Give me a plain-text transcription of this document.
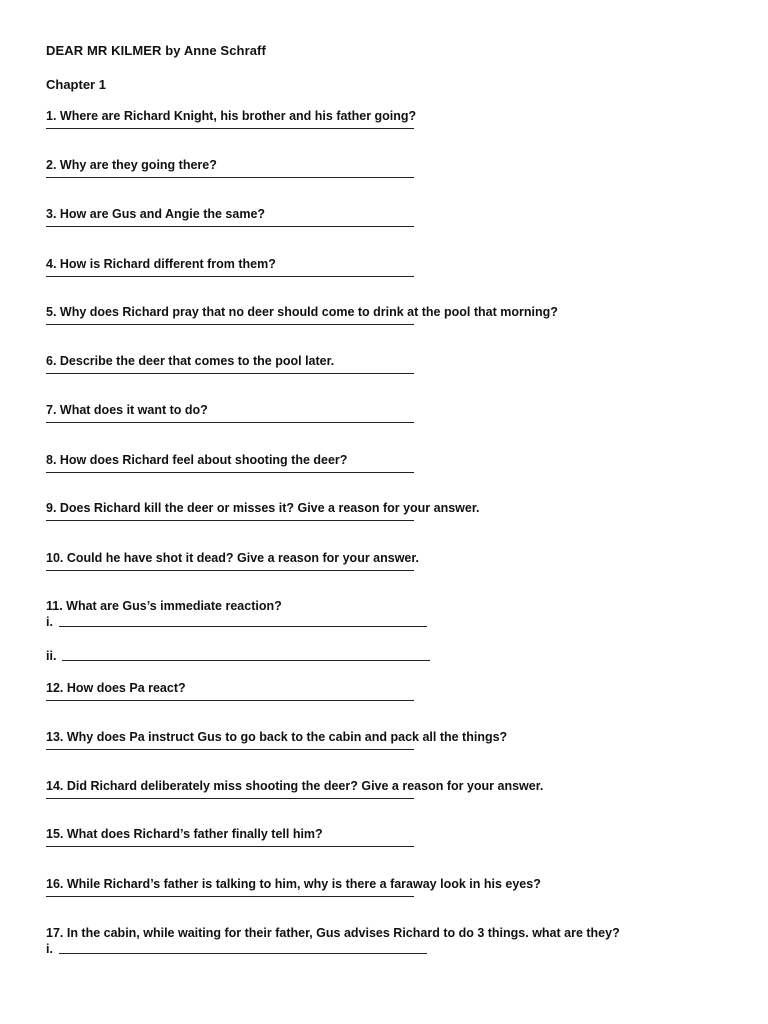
DEAR MR KILMER by Anne Schraff
Chapter 1
1. Where are Richard Knight, his brother and his father going?
2. Why are they going there?
3. How are Gus and Angie the same?
4. How is Richard different from them?
5. Why does Richard pray that no deer should come to drink at the pool that morning?
6. Describe the deer that comes to the pool later.
7. What does it want to do?
8. How does Richard feel about shooting the deer?
9. Does Richard kill the deer or misses it? Give a reason for your answer.
10. Could he have shot it dead? Give a reason for your answer.
11. What are Gus’s immediate reaction?
i.
ii.
12. How does Pa react?
13. Why does Pa instruct Gus to go back to the cabin and pack all the things?
14. Did Richard deliberately miss shooting the deer? Give a reason for your answer.
15. What does Richard’s father finally tell him?
16. While Richard’s father is talking to him, why is there a faraway look in his eyes?
17. In the cabin, while waiting for their father, Gus advises Richard to do 3 things. what are they?
i.
